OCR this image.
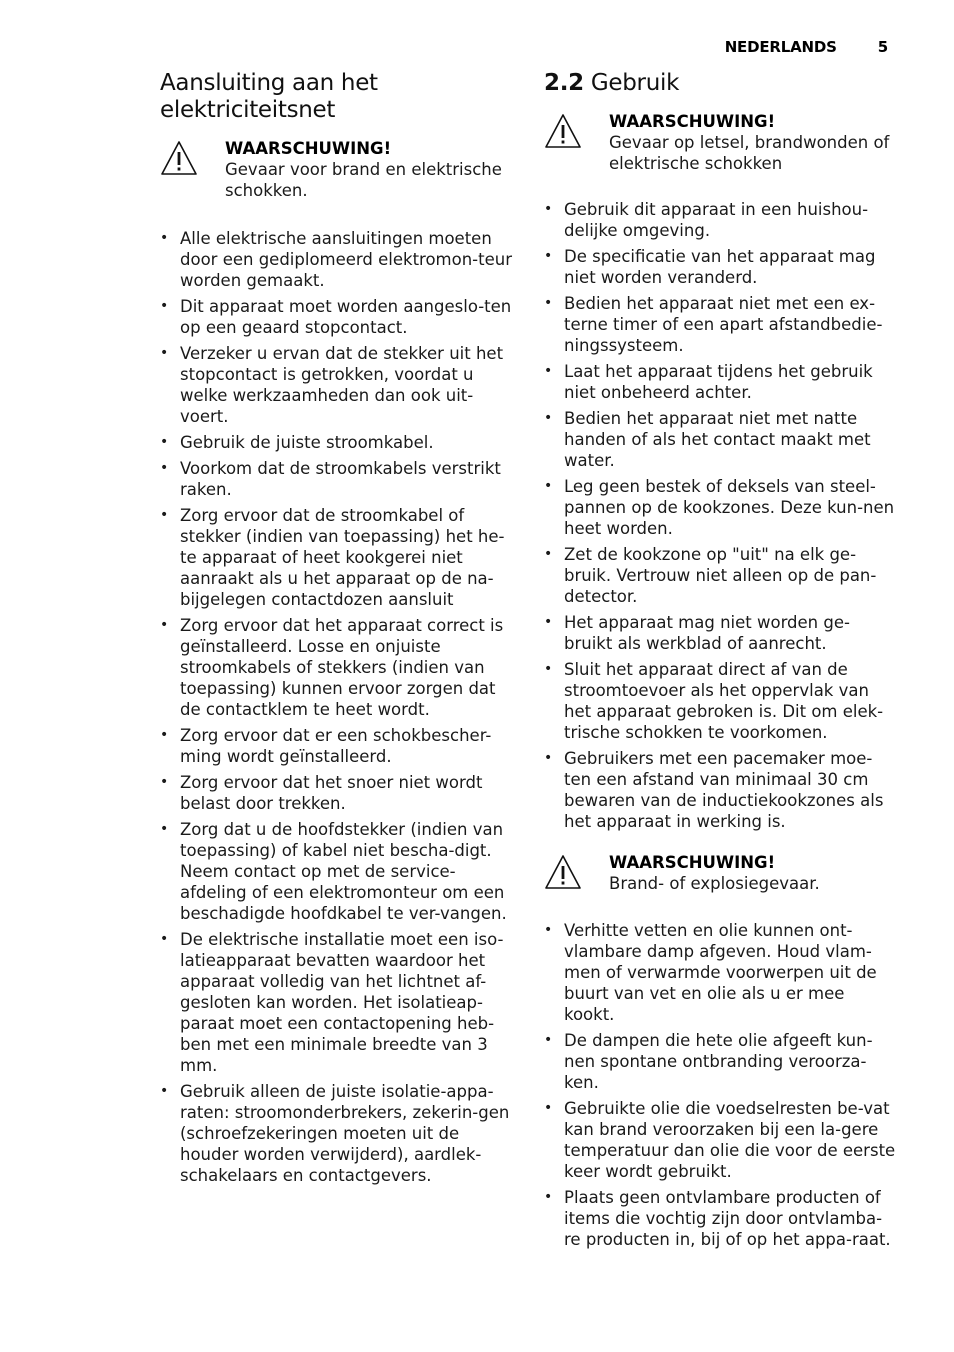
NEDERLANDS	5
Aansluiting aan het elektriciteitsnet
WAARSCHUWING!
Gevaar voor brand en elektrische schokken.
• Alle elektrische aansluitingen moeten door een gediplomeerd elektromon-teur worden gemaakt.
• Dit apparaat moet worden aangeslo-ten op een geaard stopcontact.
• Verzeker u ervan dat de stekker uit het stopcontact is getrokken, voordat u welke werkzaamheden dan ook uit-voert.
• Gebruik de juiste stroomkabel.
• Voorkom dat de stroomkabels verstrikt raken.
• Zorg ervoor dat de stroomkabel of stekker (indien van toepassing) het he-te apparaat of heet kookgerei niet aanraakt als u het apparaat op de na-bijgelegen contactdozen aansluit
• Zorg ervoor dat het apparaat correct is geïnstalleerd. Losse en onjuiste stroomkabels of stekkers (indien van toepassing) kunnen ervoor zorgen dat de contactklem te heet wordt.
• Zorg ervoor dat er een schokbescher-ming wordt geïnstalleerd.
• Zorg ervoor dat het snoer niet wordt belast door trekken.
• Zorg dat u de hoofdstekker (indien van toepassing) of kabel niet bescha-digt. Neem contact op met de service-afdeling of een elektromonteur om een beschadigde hoofdkabel te ver-vangen.
• De elektrische installatie moet een iso-latieapparaat bevatten waardoor het apparaat volledig van het lichtnet af-gesloten kan worden. Het isolatieap-paraat moet een contactopening heb-ben met een minimale breedte van 3 mm.
• Gebruik alleen de juiste isolatie-appa-raten: stroomonderbrekers, zekerin-gen (schroefzekeringen moeten uit de houder worden verwijderd), aardlek-schakelaars en contactgevers.
2.2 Gebruik
WAARSCHUWING!
Gevaar op letsel, brandwonden of elektrische schokken
• Gebruik dit apparaat in een huishou-delijke omgeving.
• De specificatie van het apparaat mag niet worden veranderd.
• Bedien het apparaat niet met een ex-terne timer of een apart afstandbedie-ningssysteem.
• Laat het apparaat tijdens het gebruik niet onbeheerd achter.
• Bedien het apparaat niet met natte handen of als het contact maakt met water.
• Leg geen bestek of deksels van steel-pannen op de kookzones. Deze kun-nen heet worden.
• Zet de kookzone op "uit" na elk ge-bruik. Vertrouw niet alleen op de pan-detector.
• Het apparaat mag niet worden ge-bruikt als werkblad of aanrecht.
• Sluit het apparaat direct af van de stroomtoevoer als het oppervlak van het apparaat gebroken is. Dit om elek-trische schokken te voorkomen.
• Gebruikers met een pacemaker moe-ten een afstand van minimaal 30 cm bewaren van de inductiekookzones als het apparaat in werking is.
WAARSCHUWING!
Brand- of explosiegevaar.
• Verhitte vetten en olie kunnen ont-vlambare damp afgeven. Houd vlam-men of verwarmde voorwerpen uit de buurt van vet en olie als u er mee kookt.
• De dampen die hete olie afgeeft kun-nen spontane ontbranding veroorza-ken.
• Gebruikte olie die voedselresten be-vat kan brand veroorzaken bij een la-gere temperatuur dan olie die voor de eerste keer wordt gebruikt.
• Plaats geen ontvlambare producten of items die vochtig zijn door ontvlamba-re producten in, bij of op het appa-raat.
